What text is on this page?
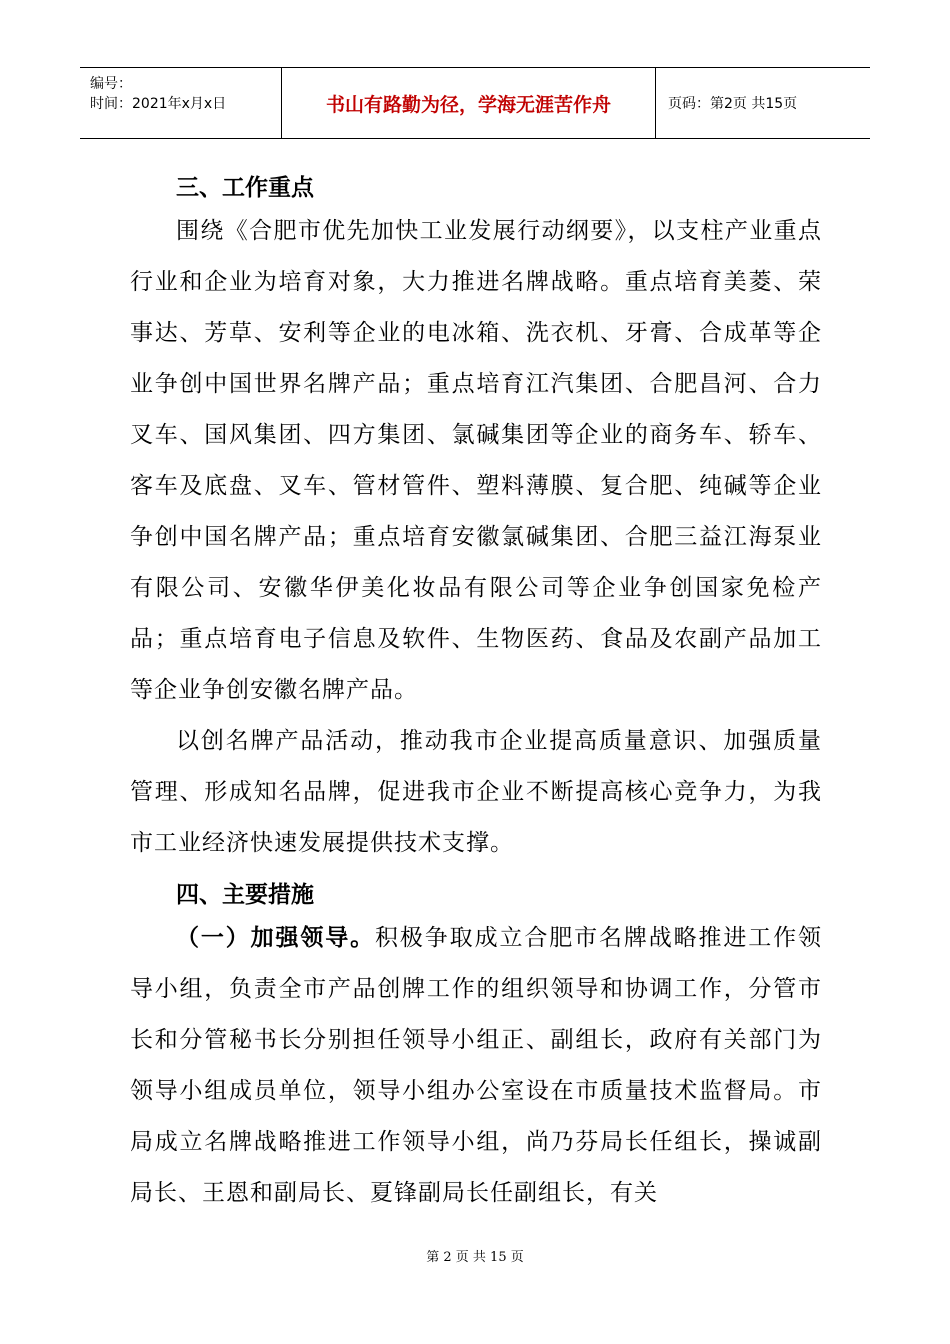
编号：
时间：2021年x月x日	书山有路勤为径，学海无涯苦作舟	页码：第2页 共15页
三、工作重点

围绕《合肥市优先加快工业发展行动纲要》，以支柱产业重点行业和企业为培育对象，大力推进名牌战略。重点培育美菱、荣事达、芳草、安利等企业的电冰箱、洗衣机、牙膏、合成革等企业争创中国世界名牌产品；重点培育江汽集团、合肥昌河、合力叉车、国风集团、四方集团、氯碱集团等企业的商务车、轿车、客车及底盘、叉车、管材管件、塑料薄膜、复合肥、纯碱等企业争创中国名牌产品；重点培育安徽氯碱集团、合肥三益江海泵业有限公司、安徽华伊美化妆品有限公司等企业争创国家免检产品；重点培育电子信息及软件、生物医药、食品及农副产品加工等企业争创安徽名牌产品。

以创名牌产品活动，推动我市企业提高质量意识、加强质量管理、形成知名品牌，促进我市企业不断提高核心竞争力，为我市工业经济快速发展提供技术支撑。

四、主要措施

（一）加强领导。积极争取成立合肥市名牌战略推进工作领导小组，负责全市产品创牌工作的组织领导和协调工作，分管市长和分管秘书长分别担任领导小组正、副组长，政府有关部门为领导小组成员单位，领导小组办公室设在市质量技术监督局。市局成立名牌战略推进工作领导小组，尚乃芬局长任组长，操诚副局长、王恩和副局长、夏锋副局长任副组长，有关

第 2 页 共 15 页
